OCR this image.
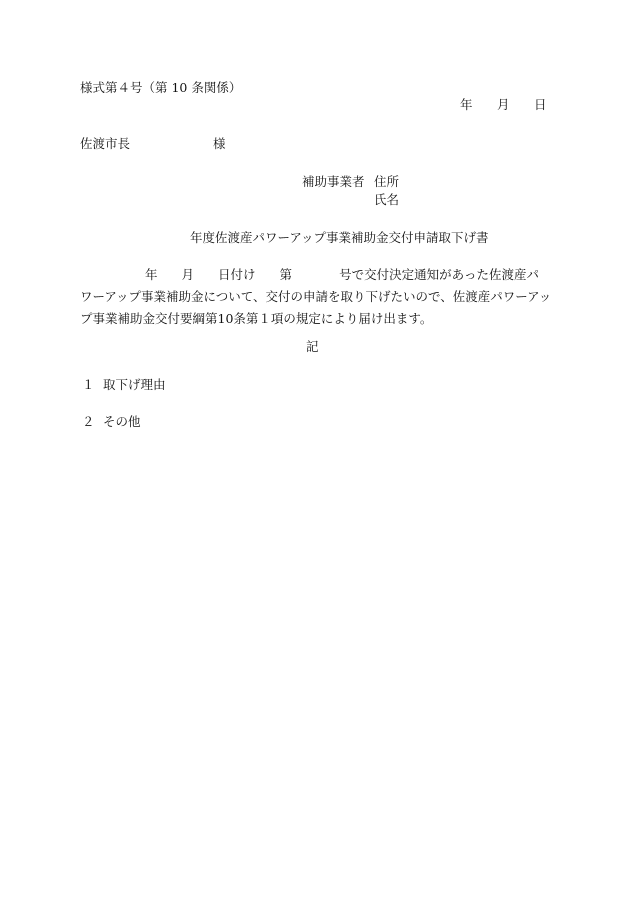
様式第４号（第 10 条関係）
年 月 日
佐渡市長	様
補助事業者 住所
氏名
年度佐渡産パワーアップ事業補助金交付申請取下げ書
年 月 日付け 第	号で交付決定通知があった佐渡産パ
ワーアップ事業補助金について、交付の申請を取り下げたいので、佐渡産パワーアッ
プ事業補助金交付要綱第10条第１項の規定により届け出ます。
記
１ 取下げ理由
２ その他
